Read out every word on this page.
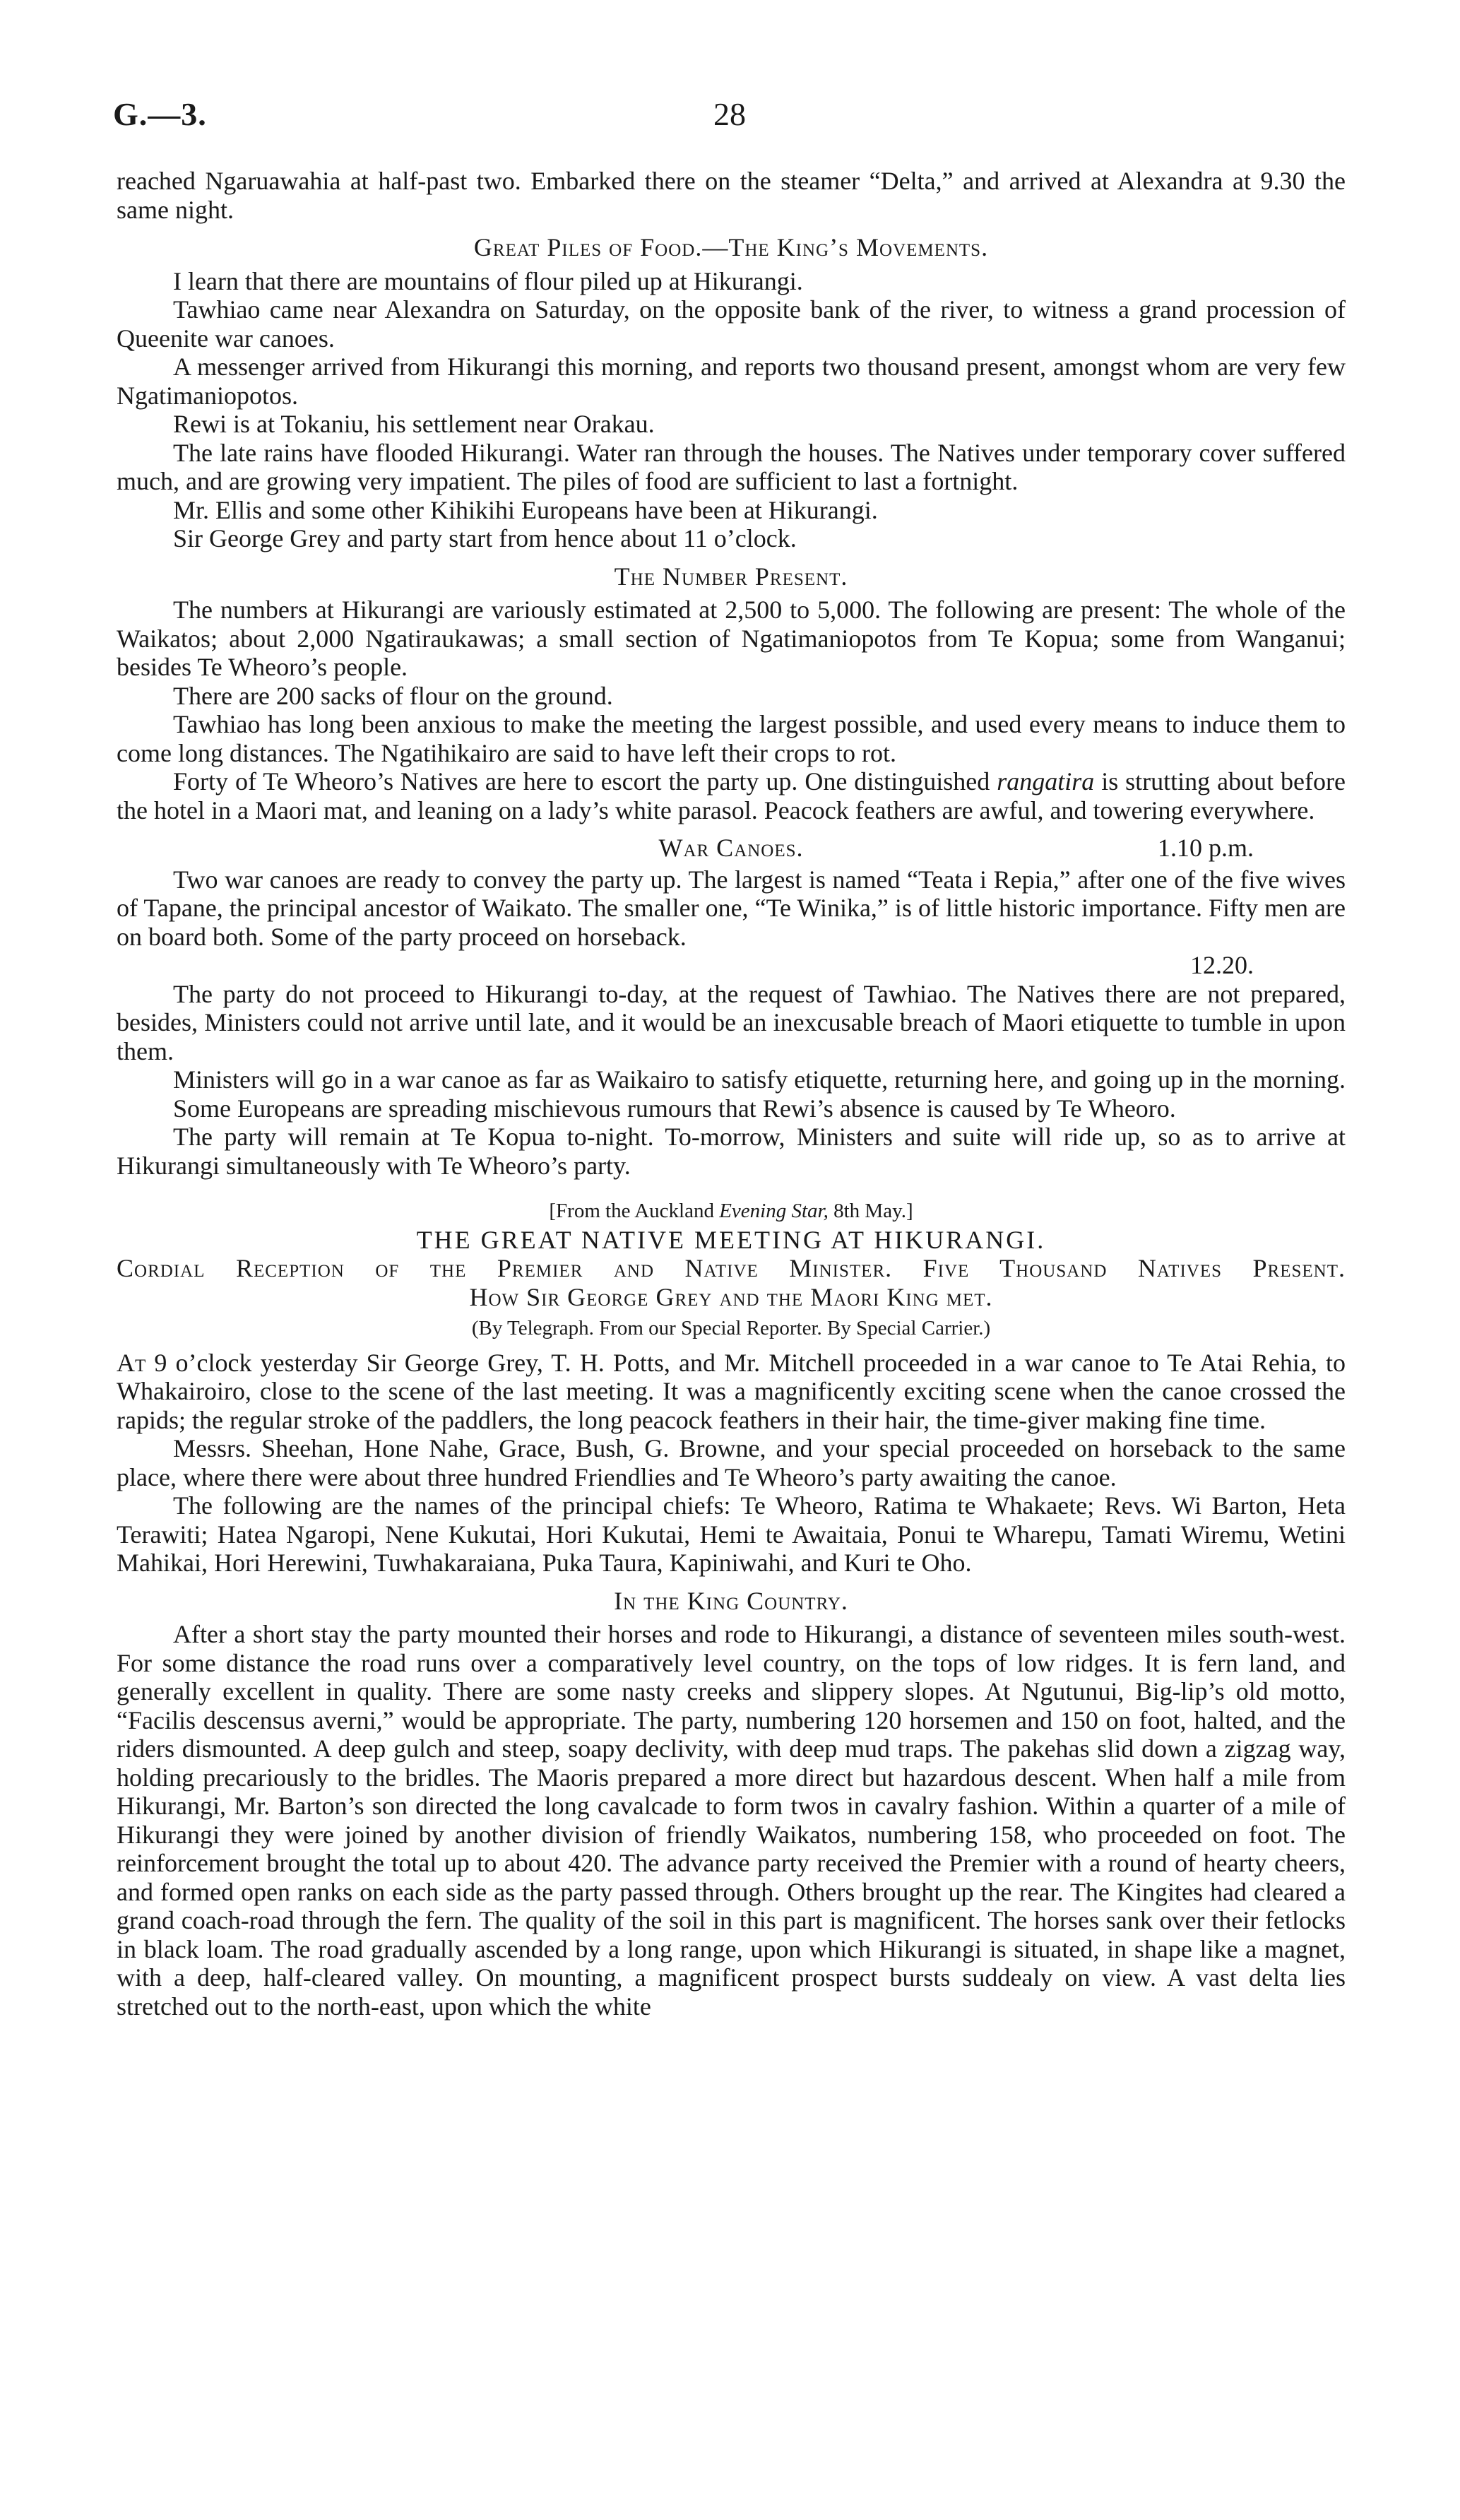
G.—3.	28

reached Ngaruawahia at half-past two. Embarked there on the steamer “Delta,” and arrived at Alexandra at 9.30 the same night.

Great Piles of Food.—The King’s Movements.

I learn that there are mountains of flour piled up at Hikurangi.

Tawhiao came near Alexandra on Saturday, on the opposite bank of the river, to witness a grand procession of Queenite war canoes.

A messenger arrived from Hikurangi this morning, and reports two thousand present, amongst whom are very few Ngatimaniopotos.

Rewi is at Tokaniu, his settlement near Orakau.

The late rains have flooded Hikurangi. Water ran through the houses. The Natives under temporary cover suffered much, and are growing very impatient. The piles of food are sufficient to last a fortnight.

Mr. Ellis and some other Kihikihi Europeans have been at Hikurangi.

Sir George Grey and party start from hence about 11 o’clock.

The Number Present.

The numbers at Hikurangi are variously estimated at 2,500 to 5,000. The following are present: The whole of the Waikatos; about 2,000 Ngatiraukawas; a small section of Ngatimaniopotos from Te Kopua; some from Wanganui; besides Te Wheoro’s people.

There are 200 sacks of flour on the ground.

Tawhiao has long been anxious to make the meeting the largest possible, and used every means to induce them to come long distances. The Ngatihikairo are said to have left their crops to rot.

Forty of Te Wheoro’s Natives are here to escort the party up. One distinguished rangatira is strutting about before the hotel in a Maori mat, and leaning on a lady’s white parasol. Peacock feathers are awful, and towering everywhere.

War Canoes.	1.10 p.m.

Two war canoes are ready to convey the party up. The largest is named “Teata i Repia,” after one of the five wives of Tapane, the principal ancestor of Waikato. The smaller one, “Te Winika,” is of little historic importance. Fifty men are on board both. Some of the party proceed on horseback.

12.20.

The party do not proceed to Hikurangi to-day, at the request of Tawhiao. The Natives there are not prepared, besides, Ministers could not arrive until late, and it would be an inexcusable breach of Maori etiquette to tumble in upon them.

Ministers will go in a war canoe as far as Waikairo to satisfy etiquette, returning here, and going up in the morning.

Some Europeans are spreading mischievous rumours that Rewi’s absence is caused by Te Wheoro.

The party will remain at Te Kopua to-night. To-morrow, Ministers and suite will ride up, so as to arrive at Hikurangi simultaneously with Te Wheoro’s party.

[From the Auckland Evening Star, 8th May.]
THE GREAT NATIVE MEETING AT HIKURANGI.
Cordial Reception of the Premier and Native Minister. Five Thousand Natives Present.
How Sir George Grey and the Maori King met.
(By Telegraph. From our Special Reporter. By Special Carrier.)

At 9 o’clock yesterday Sir George Grey, T. H. Potts, and Mr. Mitchell proceeded in a war canoe to Te Atai Rehia, to Whakairoiro, close to the scene of the last meeting. It was a magnificently exciting scene when the canoe crossed the rapids; the regular stroke of the paddlers, the long peacock feathers in their hair, the time-giver making fine time.

Messrs. Sheehan, Hone Nahe, Grace, Bush, G. Browne, and your special proceeded on horseback to the same place, where there were about three hundred Friendlies and Te Wheoro’s party awaiting the canoe.

The following are the names of the principal chiefs: Te Wheoro, Ratima te Whakaete; Revs. Wi Barton, Heta Terawiti; Hatea Ngaropi, Nene Kukutai, Hori Kukutai, Hemi te Awaitaia, Ponui te Wharepu, Tamati Wiremu, Wetini Mahikai, Hori Herewini, Tuwhakaraiana, Puka Taura, Kapiniwahi, and Kuri te Oho.

In the King Country.

After a short stay the party mounted their horses and rode to Hikurangi, a distance of seventeen miles south-west. For some distance the road runs over a comparatively level country, on the tops of low ridges. It is fern land, and generally excellent in quality. There are some nasty creeks and slippery slopes. At Ngutunui, Big-lip’s old motto, “Facilis descensus averni,” would be appropriate. The party, numbering 120 horsemen and 150 on foot, halted, and the riders dismounted. A deep gulch and steep, soapy declivity, with deep mud traps. The pakehas slid down a zigzag way, holding precariously to the bridles. The Maoris prepared a more direct but hazardous descent. When half a mile from Hikurangi, Mr. Barton’s son directed the long cavalcade to form twos in cavalry fashion. Within a quarter of a mile of Hikurangi they were joined by another division of friendly Waikatos, numbering 158, who proceeded on foot. The reinforcement brought the total up to about 420. The advance party received the Premier with a round of hearty cheers, and formed open ranks on each side as the party passed through. Others brought up the rear. The Kingites had cleared a grand coach-road through the fern. The quality of the soil in this part is magnificent. The horses sank over their fetlocks in black loam. The road gradually ascended by a long range, upon which Hikurangi is situated, in shape like a magnet, with a deep, half-cleared valley. On mounting, a magnificent prospect bursts suddealy on view. A vast delta lies stretched out to the north-east, upon which the white
